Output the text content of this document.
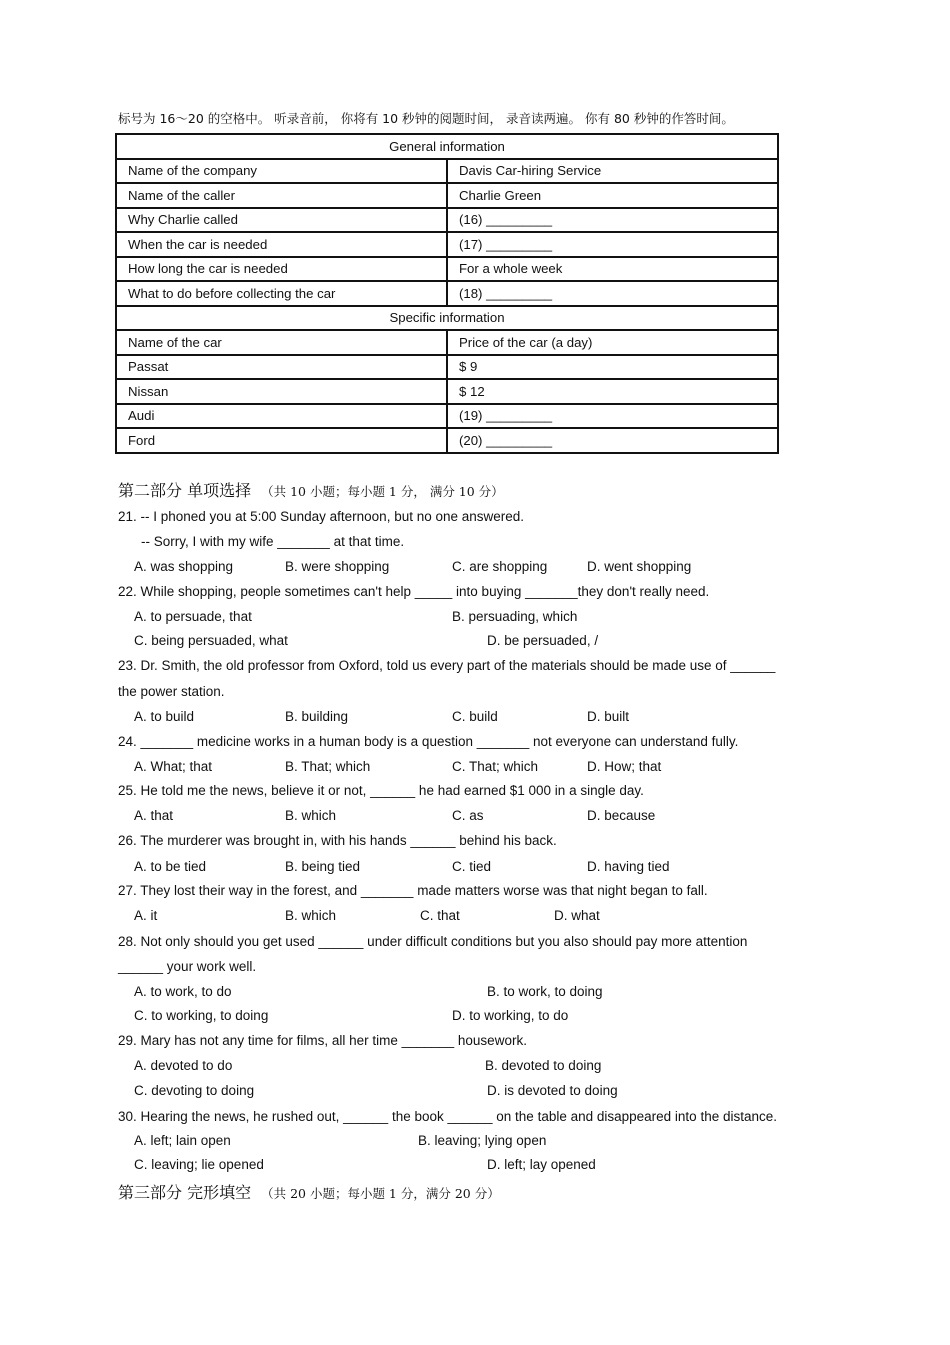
标号为 16～20 的空格中。 听录音前， 你将有 10 秒钟的阅题时间， 录音读两遍。 你有 80 秒钟的作答时间。
General information	
Name of the company	Davis Car-hiring Service
Name of the caller	Charlie Green
Why Charlie called	(16) _________
When the car is needed	(17) _________
How long the car is needed	For a whole week
What to do before collecting the car	(18) _________
Specific information	
Name of the car	Price of the car (a day)
Passat	$ 9
Nissan	$ 12
Audi	(19) _________
Ford	(20) _________
第二部分 单项选择 （共 10 小题；每小题 1 分， 满分 10 分）
21. -- I phoned you at 5:00 Sunday afternoon, but no one answered.
-- Sorry, I with my wife _______ at that time.
A. was shopping	B. were shopping	C. are shopping	D. went shopping
22. While shopping, people sometimes can't help _____ into buying _______they don't really need.
A. to persuade, that	B. persuading, which
C. being persuaded, what	D. be persuaded, /
23. Dr. Smith, the old professor from Oxford, told us every part of the materials should be made use of ______
the power station.
A. to build	B. building	C. build	D. built
24. _______ medicine works in a human body is a question _______ not everyone can understand fully.
A. What; that	B. That; which	C. That; which	D. How; that
25. He told me the news, believe it or not, ______ he had earned $1 000 in a single day.
A. that	B. which	C. as	D. because
26. The murderer was brought in, with his hands ______ behind his back.
A. to be tied	B. being tied	C. tied	D. having tied
27. They lost their way in the forest, and _______ made matters worse was that night began to fall.
A. it	B. which	C. that	D. what
28. Not only should you get used ______ under difficult conditions but you also should pay more attention
______ your work well.
A. to work, to do	B. to work, to doing
C. to working, to doing	D. to working, to do
29. Mary has not any time for films, all her time _______ housework.
A. devoted to do	B. devoted to doing
C. devoting to doing	D. is devoted to doing
30. Hearing the news, he rushed out, ______ the book ______ on the table and disappeared into the distance.
A. left; lain open	B. leaving; lying open
C. leaving; lie opened	D. left; lay opened
第三部分 完形填空 （共 20 小题；每小题 1 分，满分 20 分）
